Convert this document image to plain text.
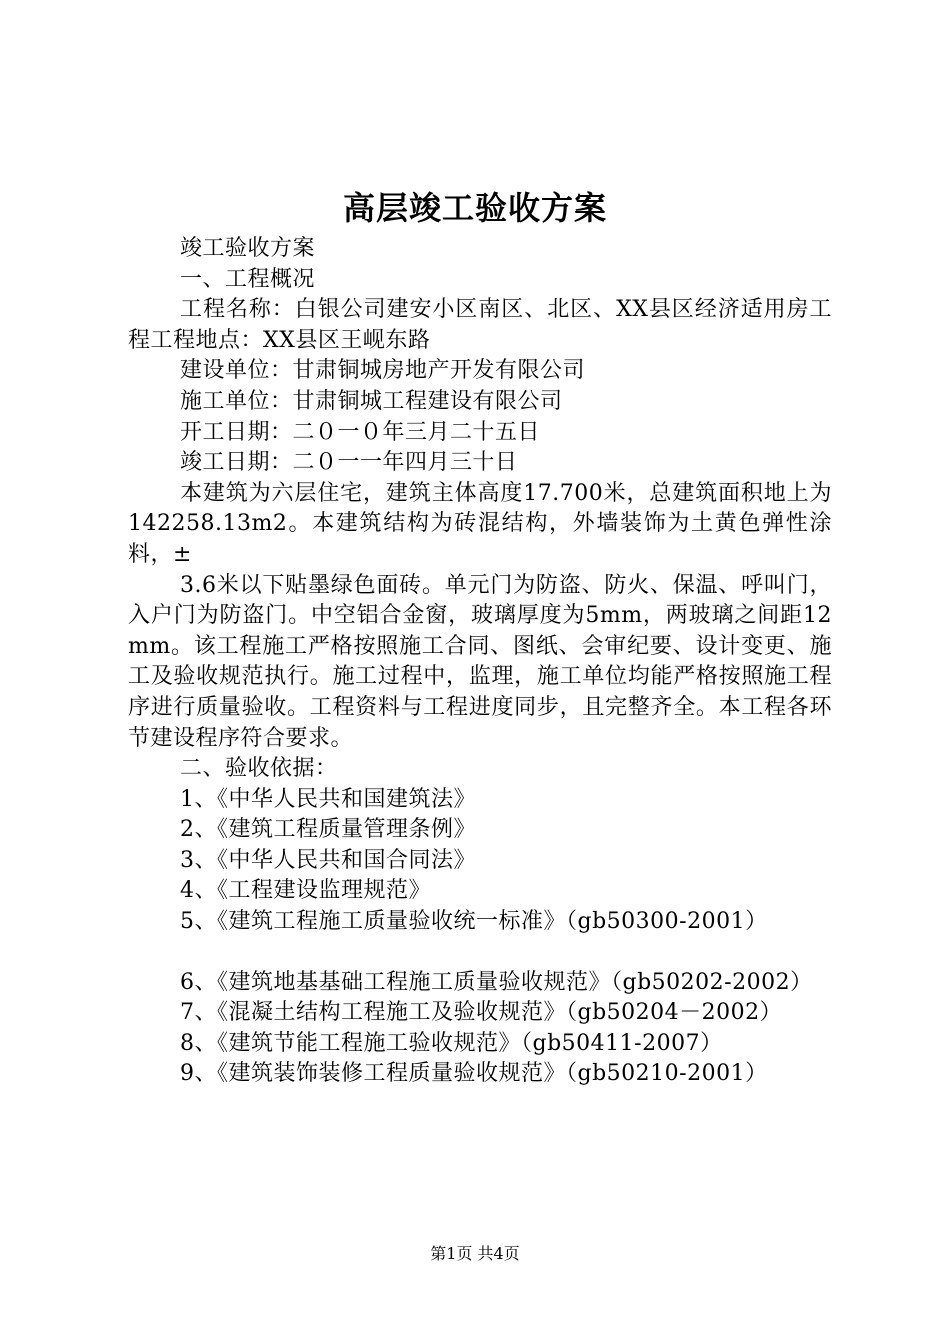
高层竣工验收方案

竣工验收方案

一、工程概况

工程名称：白银公司建安小区南区、北区、XX县区经济适用房工程工程地点：XX县区王岘东路

建设单位：甘肃铜城房地产开发有限公司

施工单位：甘肃铜城工程建设有限公司

开工日期：二０一０年三月二十五日

竣工日期：二０一一年四月三十日

本建筑为六层住宅，建筑主体高度17.700米，总建筑面积地上为142258.13m2。本建筑结构为砖混结构，外墙装饰为土黄色弹性涂料，±

3.6米以下贴墨绿色面砖。单元门为防盗、防火、保温、呼叫门，入户门为防盗门。中空铝合金窗，玻璃厚度为5mm，两玻璃之间距12mm。该工程施工严格按照施工合同、图纸、会审纪要、设计变更、施工及验收规范执行。施工过程中，监理，施工单位均能严格按照施工程序进行质量验收。工程资料与工程进度同步，且完整齐全。本工程各环节建设程序符合要求。

二、验收依据：

1、《中华人民共和国建筑法》

2、《建筑工程质量管理条例》

3、《中华人民共和国合同法》

4、《工程建设监理规范》

5、《建筑工程施工质量验收统一标准》（gb50300-2001）

6、《建筑地基基础工程施工质量验收规范》（gb50202-2002）

7、《混凝土结构工程施工及验收规范》（gb50204－2002）

8、《建筑节能工程施工验收规范》（gb50411-2007）

9、《建筑装饰装修工程质量验收规范》（gb50210-2001）

第1页 共4页
